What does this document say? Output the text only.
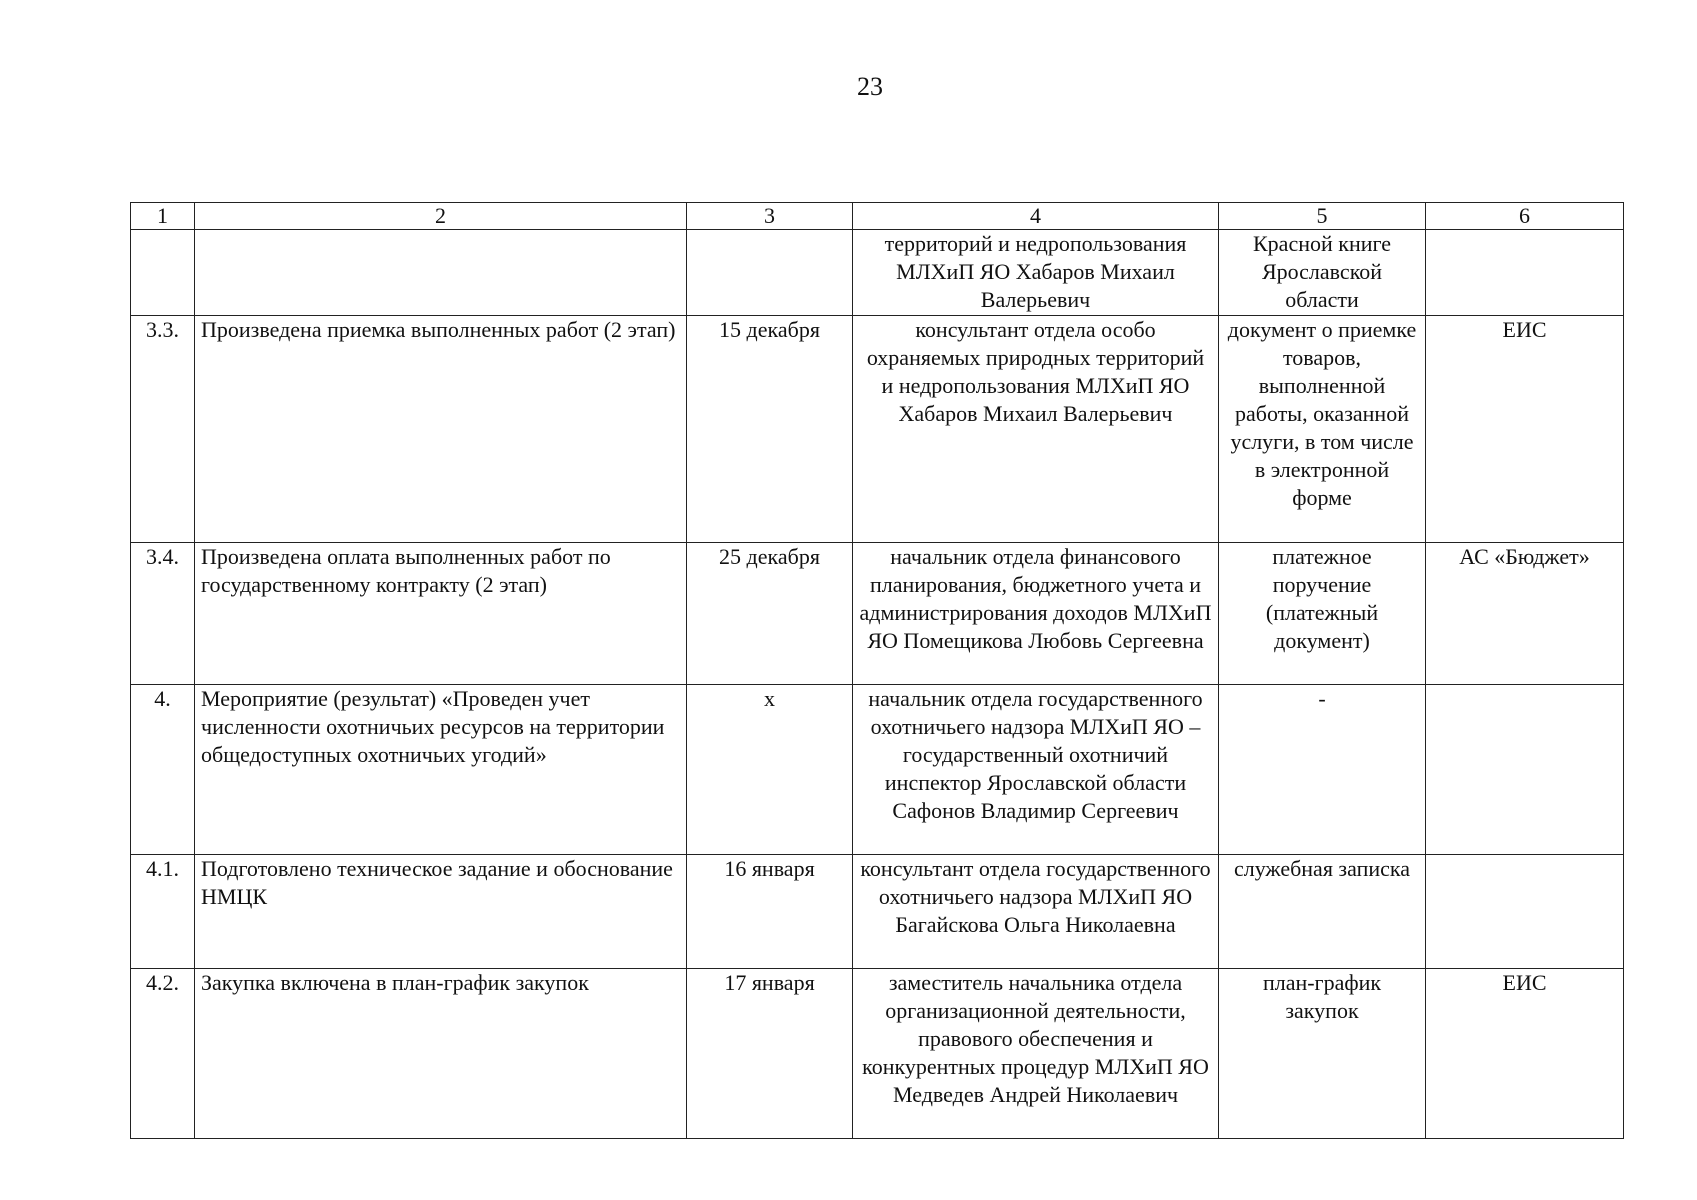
23
1	2	3	4	5	6
			территорий и недропользования МЛХиП ЯО Хабаров Михаил Валерьевич	Красной книге Ярославской области	
3.3.	Произведена приемка выполненных работ (2 этап)	15 декабря	консультант отдела особо охраняемых природных территорий и недропользования МЛХиП ЯО Хабаров Михаил Валерьевич	документ о приемке товаров, выполненной работы, оказанной услуги, в том числе в электронной форме	ЕИС
3.4.	Произведена оплата выполненных работ по государственному контракту (2 этап)	25 декабря	начальник отдела финансового планирования, бюджетного учета и администрирования доходов МЛХиП ЯО Помещикова Любовь Сергеевна	платежное поручение (платежный документ)	АС «Бюджет»
4.	Мероприятие (результат) «Проведен учет численности охотничьих ресурсов на территории общедоступных охотничьих угодий»	х	начальник отдела государственного охотничьего надзора МЛХиП ЯО – государственный охотничий инспектор Ярославской области Сафонов Владимир Сергеевич	-	
4.1.	Подготовлено техническое задание и обоснование НМЦК	16 января	консультант отдела государственного охотничьего надзора МЛХиП ЯО Багайскова Ольга Николаевна	служебная записка	
4.2.	Закупка включена в план-график закупок	17 января	заместитель начальника отдела организационной деятельности, правового обеспечения и конкурентных процедур МЛХиП ЯО Медведев Андрей Николаевич	план-график закупок	ЕИС
